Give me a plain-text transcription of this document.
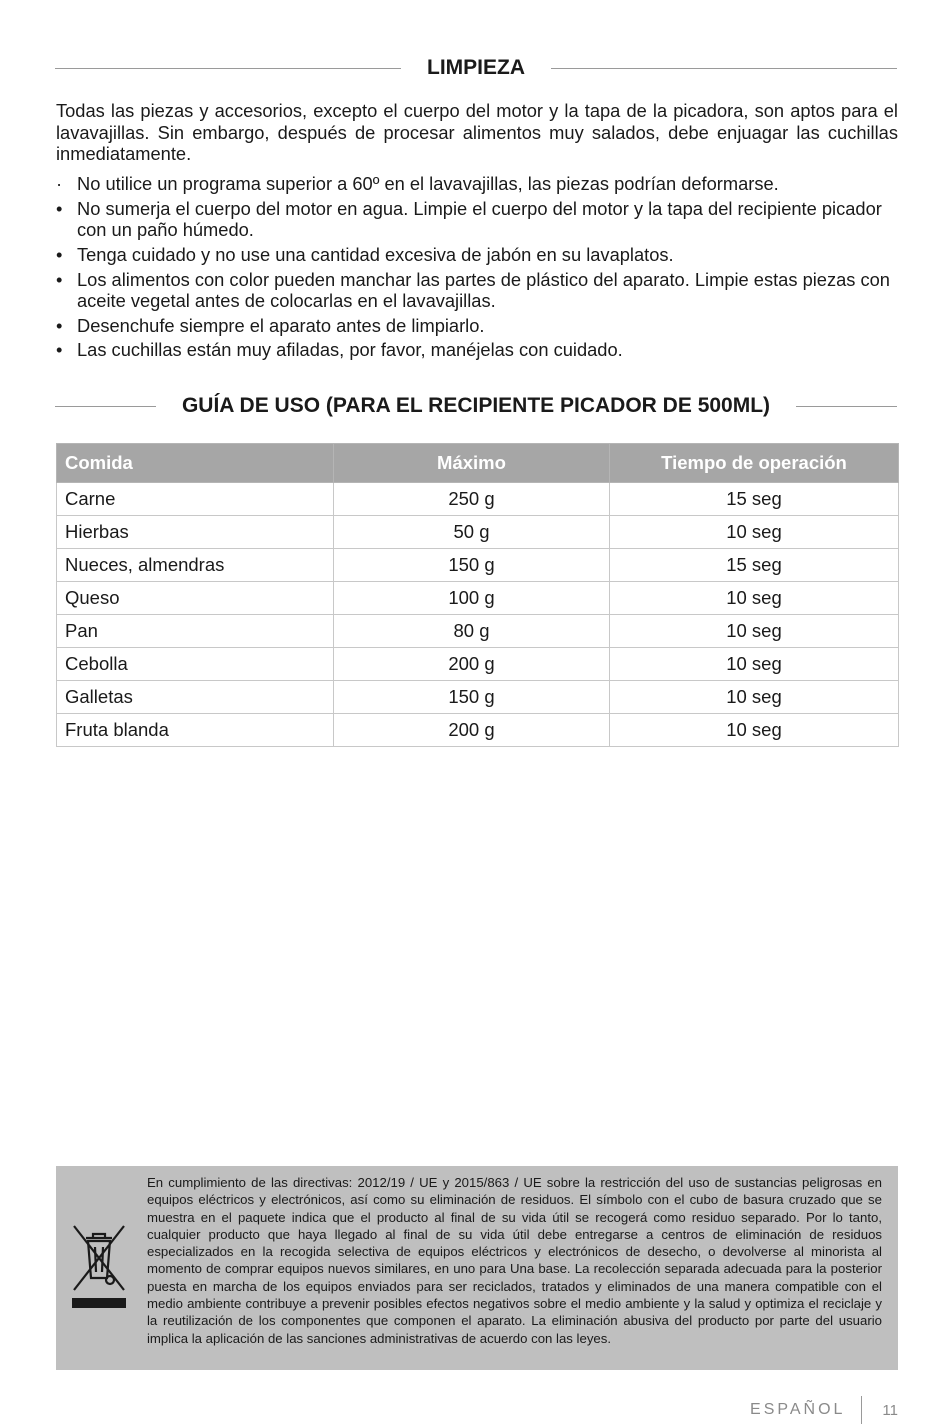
LIMPIEZA

Todas las piezas y accesorios, excepto el cuerpo del motor y la tapa de la picadora, son aptos para el lavavajillas. Sin embargo, después de procesar alimentos muy salados, debe enjuagar las cuchillas inmediatamente.

· No utilice un programa superior a 60º en el lavavajillas, las piezas podrían deformarse.
• No sumerja el cuerpo del motor en agua. Limpie el cuerpo del motor y la tapa del recipiente picador con un paño húmedo.
• Tenga cuidado y no use una cantidad excesiva de jabón en su lavaplatos.
• Los alimentos con color pueden manchar las partes de plástico del aparato. Limpie estas piezas con aceite vegetal antes de colocarlas en el lavavajillas.
• Desenchufe siempre el aparato antes de limpiarlo.
• Las cuchillas están muy afiladas, por favor, manéjelas con cuidado.
GUÍA DE USO (PARA EL RECIPIENTE PICADOR DE 500ML)
Comida	Máximo	Tiempo de operación
Carne	250 g	15 seg
Hierbas	50 g	10 seg
Nueces, almendras	150 g	15 seg
Queso	100 g	10 seg
Pan	80 g	10 seg
Cebolla	200 g	10 seg
Galletas	150 g	10 seg
Fruta blanda	200 g	10 seg

En cumplimiento de las directivas: 2012/19 / UE y 2015/863 / UE sobre la restricción del uso de sustancias peligrosas en equipos eléctricos y electrónicos, así como su eliminación de residuos. El símbolo con el cubo de basura cruzado que se muestra en el paquete indica que el producto al final de su vida útil se recogerá como residuo separado. Por lo tanto, cualquier producto que haya llegado al final de su vida útil debe entregarse a centros de eliminación de residuos especializados en la recogida selectiva de equipos eléctricos y electrónicos de desecho, o devolverse al minorista al momento de comprar equipos nuevos similares, en uno para Una base. La recolección separada adecuada para la posterior puesta en marcha de los equipos enviados para ser reciclados, tratados y eliminados de una manera compatible con el medio ambiente contribuye a prevenir posibles efectos negativos sobre el medio ambiente y la salud y optimiza el reciclaje y la reutilización de los componentes que componen el aparato. La eliminación abusiva del producto por parte del usuario implica la aplicación de las sanciones administrativas de acuerdo con las leyes.

ESPAÑOL 11
